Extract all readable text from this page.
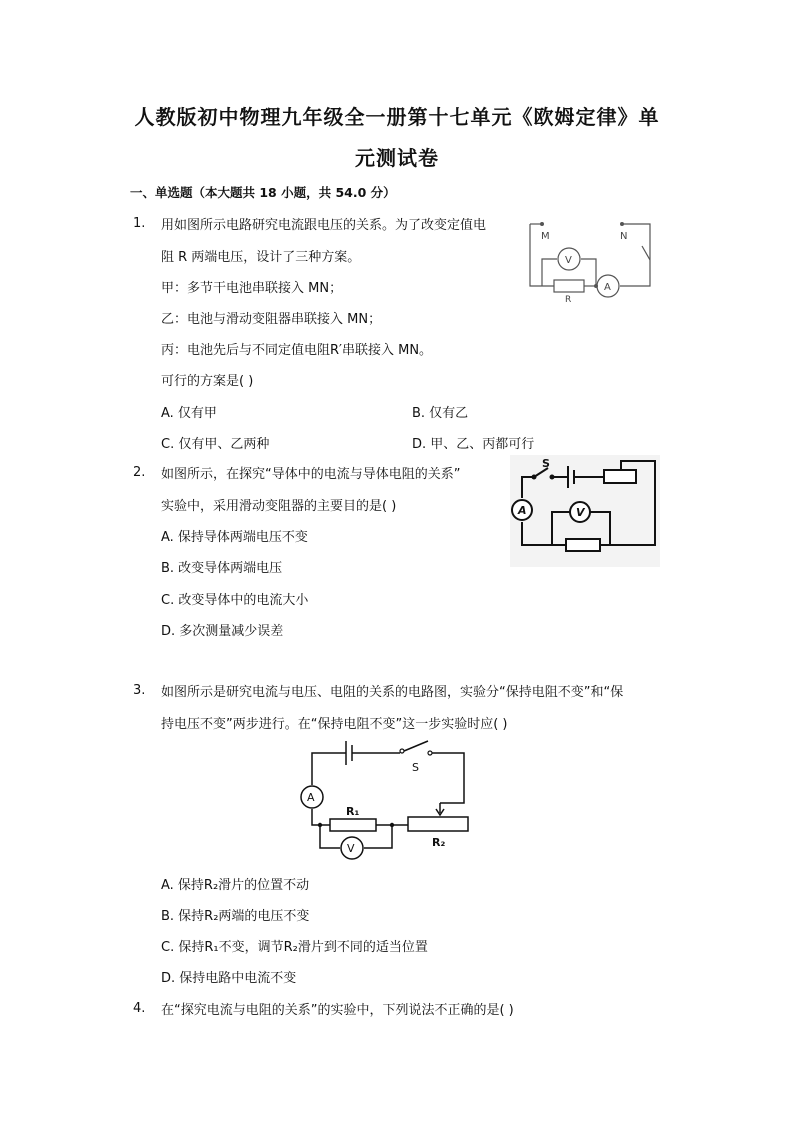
人教版初中物理九年级全一册第十七单元《欧姆定律》单
元测试卷
一、单选题（本大题共 18 小题，共 54.0 分）
1. 用如图所示电路研究电流跟电压的关系。为了改变定值电
阻 R 两端电压，设计了三种方案。
甲：多节干电池串联接入 MN；
乙：电池与滑动变阻器串联接入 MN；
丙：电池先后与不同定值电阻R′串联接入 MN。
可行的方案是( )
A. 仅有甲	B. 仅有乙
C. 仅有甲、乙两种	D. 甲、乙、丙都可行
M	N
V
A
R
2. 如图所示，在探究“导体中的电流与导体电阻的关系”
实验中，采用滑动变阻器的主要目的是( )
A. 保持导体两端电压不变
B. 改变导体两端电压
C. 改变导体中的电流大小
D. 多次测量减少误差
S
A	V
3. 如图所示是研究电流与电压、电阻的关系的电路图，实验分“保持电阻不变”和“保
持电压不变”两步进行。在“保持电阻不变”这一步实验时应( )
S
A
V
R₁
R₂
A. 保持R₂滑片的位置不动
B. 保持R₂两端的电压不变
C. 保持R₁不变，调节R₂滑片到不同的适当位置
D. 保持电路中电流不变
4. 在“探究电流与电阻的关系”的实验中，下列说法不正确的是( )
